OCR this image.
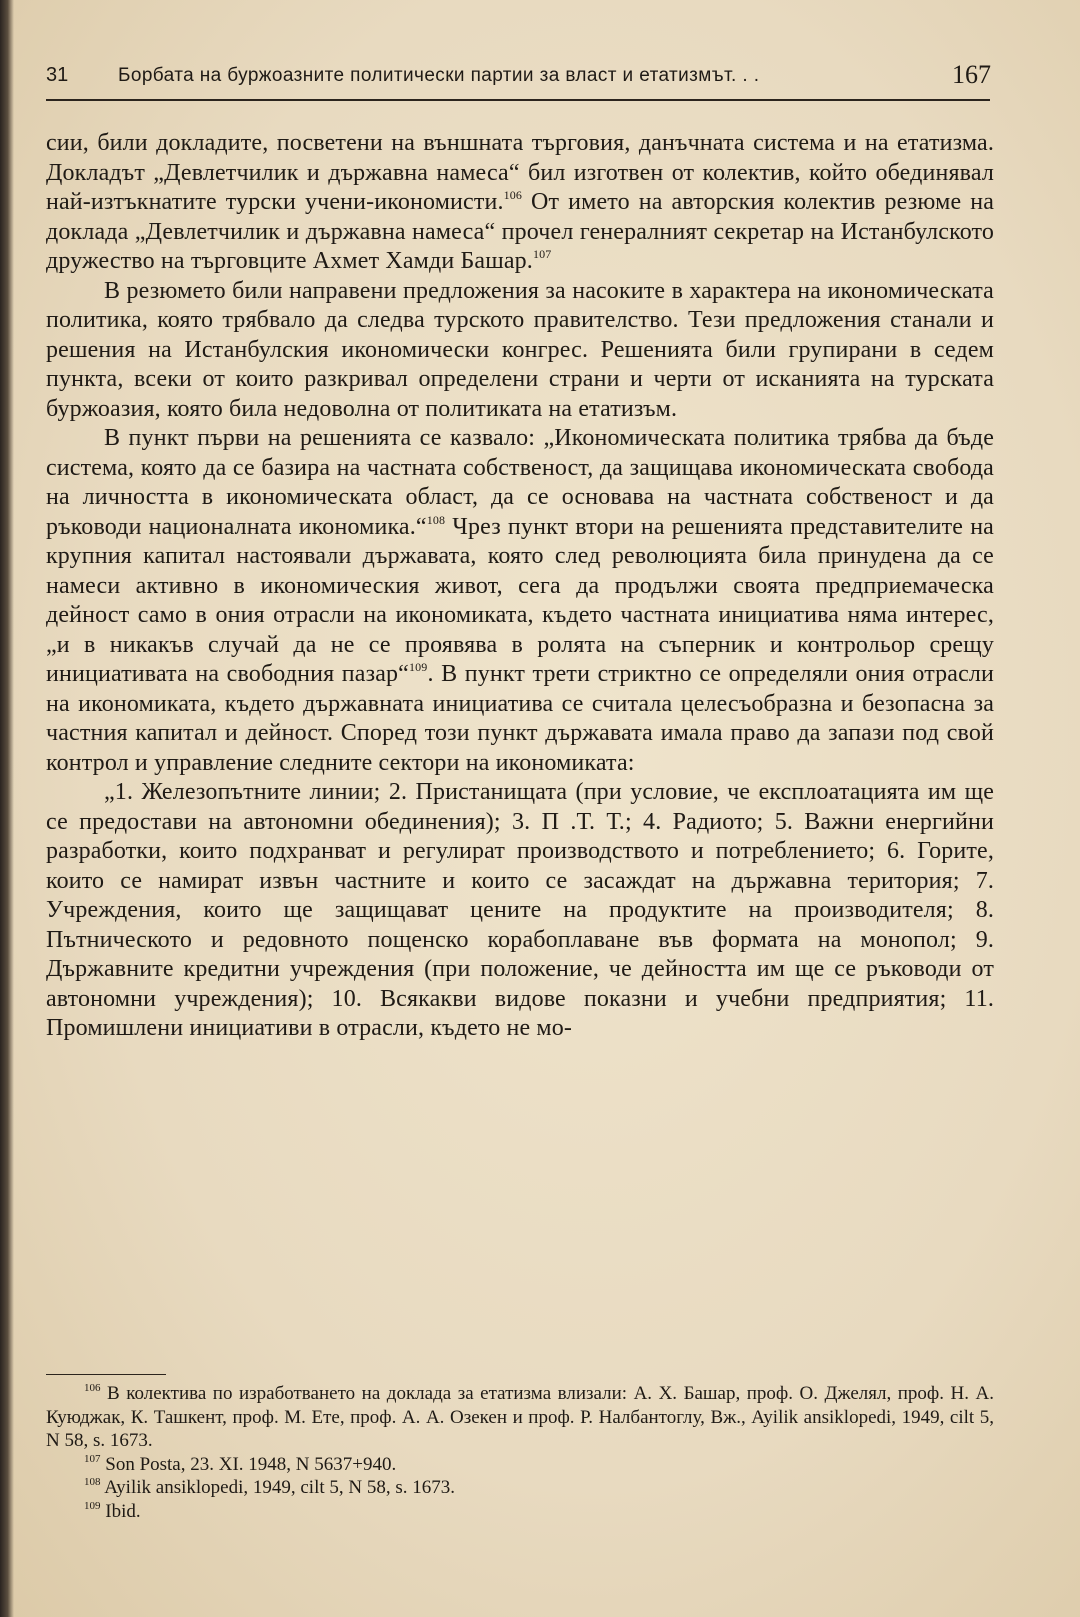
31	Борбата на буржоазните политически партии за власт и етатизмът. . .	167

сии, били докладите, посветени на външната търговия, данъчната система и на етатизма. Докладът „Девлетчилик и държавна намеса“ бил изготвен от колектив, който обединявал най-изтъкнатите турски учени-икономисти.$^{106}$ От името на авторския колектив резюме на доклада „Девлетчилик и държавна намеса“ прочел генералният секретар на Истанбулското дружество на търговците Ахмет Хамди Башар.$^{107}$

В резюмето били направени предложения за насоките в характера на икономическата политика, която трябвало да следва турското правителство. Тези предложения станали и решения на Истанбулския икономически конгрес. Решенията били групирани в седем пункта, всеки от които разкривал определени страни и черти от исканията на турската буржоазия, която била недоволна от политиката на етатизъм.

В пункт първи на решенията се казвало: „Икономическата политика трябва да бъде система, която да се базира на частната собственост, да защищава икономическата свобода на личността в икономическата област, да се основава на частната собственост и да ръководи националната икономика.“$^{108}$ Чрез пункт втори на решенията представителите на крупния капитал настоявали държавата, която след революцията била принудена да се намеси активно в икономическия живот, сега да продължи своята предприемаческа дейност само в ония отрасли на икономиката, където частната инициатива няма интерес, „и в никакъв случай да не се проявява в ролята на съперник и контрольор срещу инициативата на свободния пазар“$^{109}$. В пункт трети стриктно се определяли ония отрасли на икономиката, където държавната инициатива се считала целесъобразна и безопасна за частния капитал и дейност. Според този пункт държавата имала право да запази под свой контрол и управление следните сектори на икономиката:

„1. Железопътните линии; 2. Пристанищата (при условие, че експлоатацията им ще се предостави на автономни обединения); 3. П .Т. Т.; 4. Радиото; 5. Важни енергийни разработки, които подхранват и регулират производството и потреблението; 6. Горите, които се намират извън частните и които се засаждат на държавна територия; 7. Учреждения, които ще защищават цените на продуктите на производителя; 8. Пътническото и редовното пощенско корабоплаване във формата на монопол; 9. Държавните кредитни учреждения (при положение, че дейността им ще се ръководи от автономни учреждения); 10. Всякакви видове показни и учебни предприятия; 11. Промишлени инициативи в отрасли, където не мо-

$^{106}$ В колектива по изработването на доклада за етатизма влизали: А. Х. Башар, проф. О. Джелял, проф. Н. А. Куюджак, К. Ташкент, проф. М. Ете, проф. А. А. Озекен и проф. Р. Налбантоглу, Вж., Ayilik ansiklopedi, 1949, cilt 5, N 58, s. 1673.

$^{107}$ Son Posta, 23. XI. 1948, N 5637+940.

$^{108}$ Ayilik ansiklopedi, 1949, cilt 5, N 58, s. 1673.

$^{109}$ Ibid.
